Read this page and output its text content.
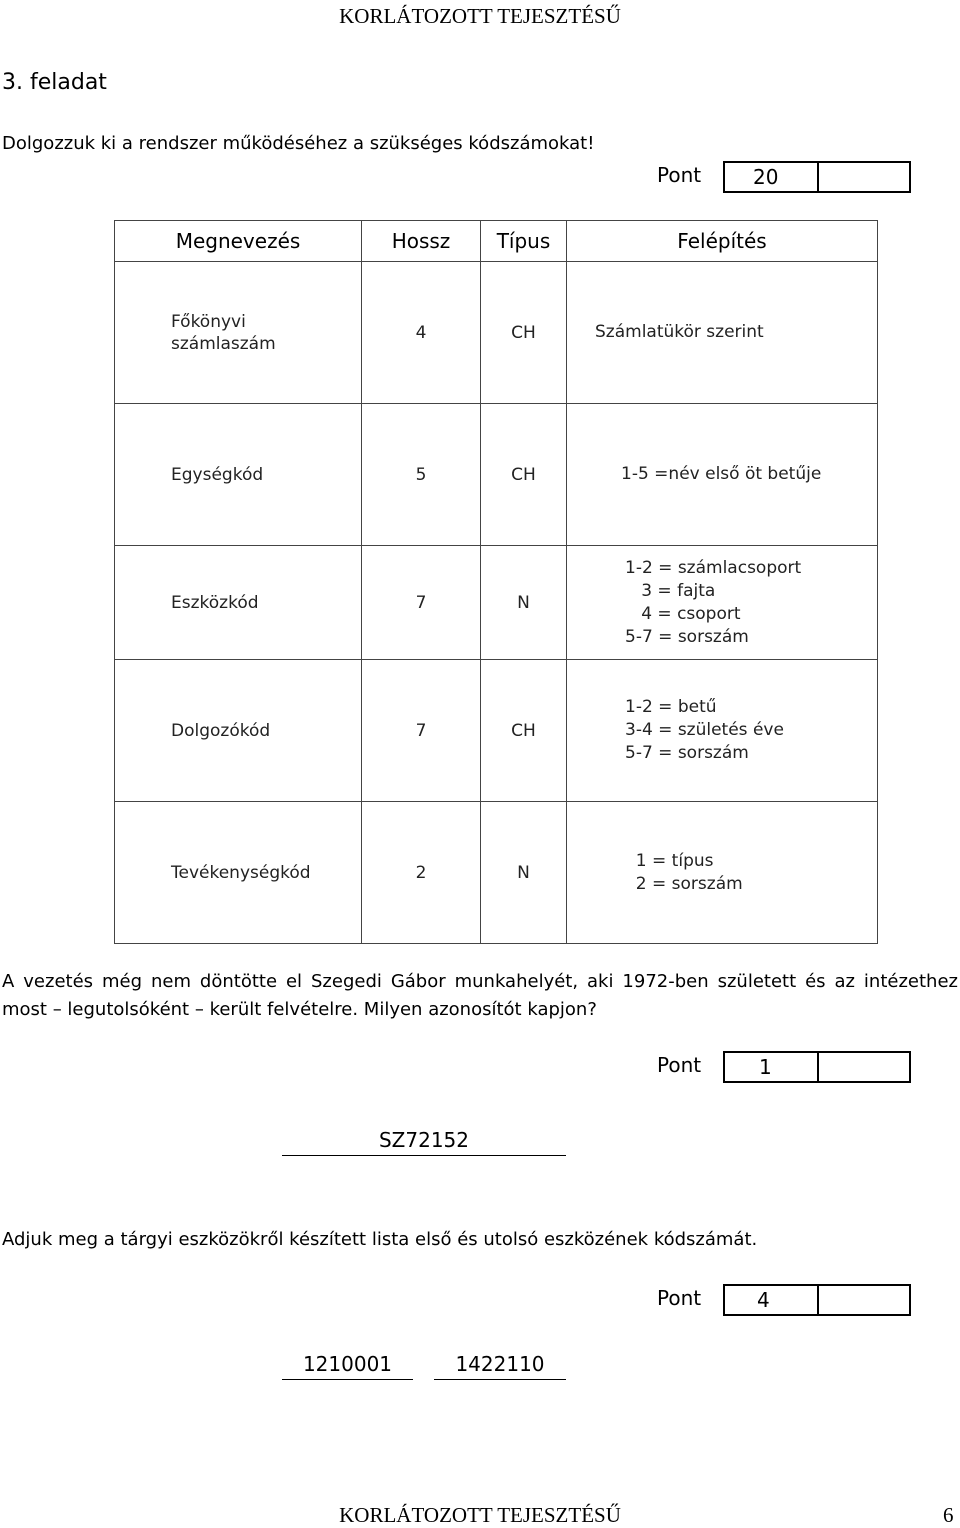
KORLÁTOZOTT TEJESZTÉSŰ
3. feladat
Dolgozzuk ki a rendszer működéséhez a szükséges kódszámokat!
Pont	20
Megnevezés	Hossz	Típus	Felépítés

Főkönyvi
számlaszám	4	CH	Számlatükör szerint

Egységkód	5	CH	1-5 =név első öt betűje

Eszközkód	7	N	1-2 = számlacsoport
3 = fajta
4 = csoport
5-7 = sorszám

Dolgozókód	7	CH	1-2 = betű
3-4 = születés éve
5-7 = sorszám

Tevékenységkód	2	N	1 = típus
2 = sorszám
A vezetés még nem döntötte el Szegedi Gábor munkahelyét, aki 1972-ben született és az intézethez most – legutolsóként – került felvételre. Milyen azonosítót kapjon?
Pont	1
SZ72152
Adjuk meg a tárgyi eszközökről készített lista első és utolsó eszközének kódszámát.
Pont	4
1210001	1422110
KORLÁTOZOTT TEJESZTÉSŰ	6
